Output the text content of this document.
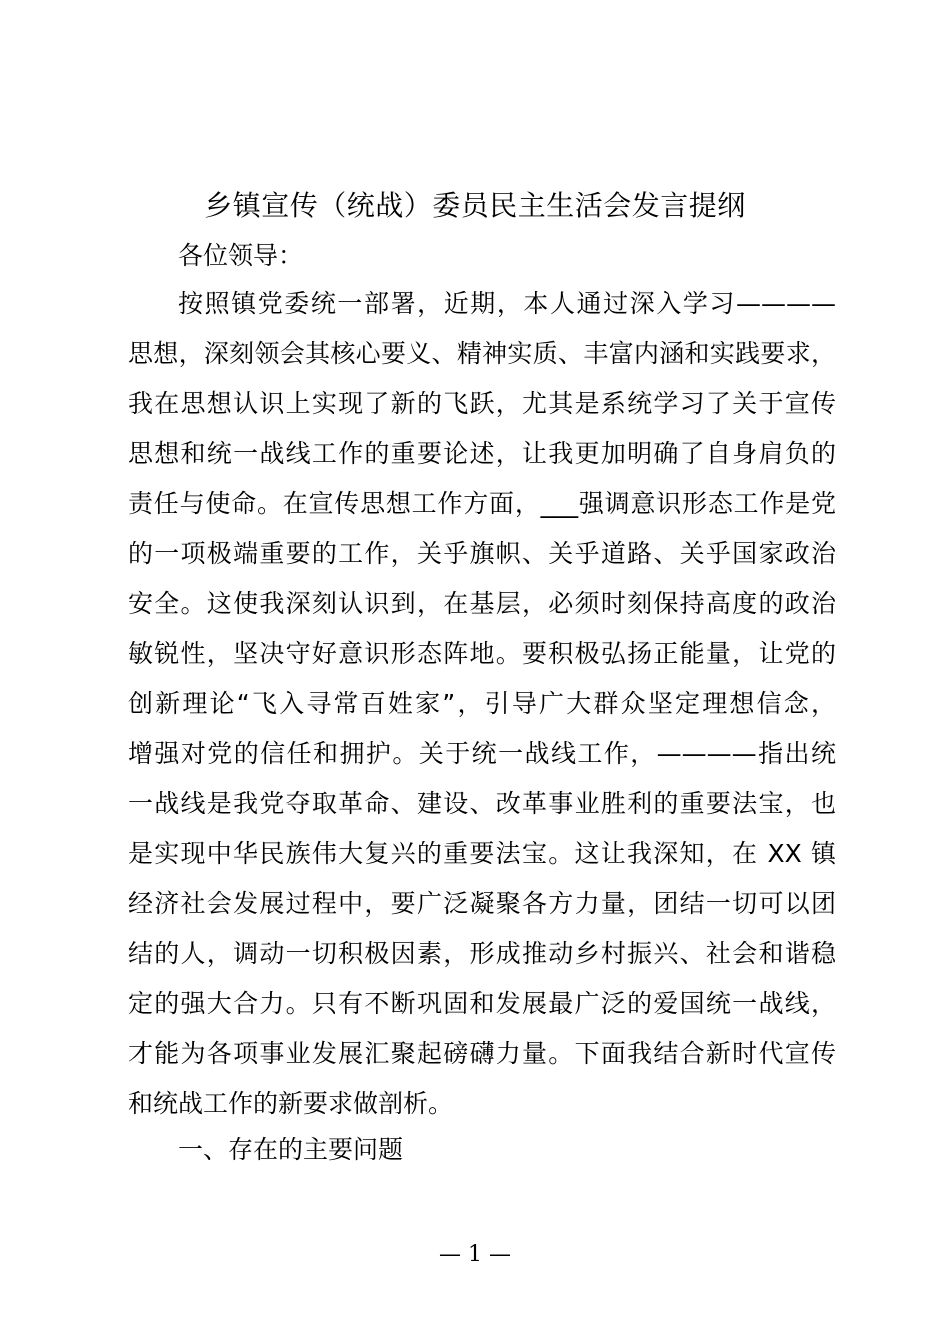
乡镇宣传（统战）委员民主生活会发言提纲
各位领导：
按照镇党委统一部署，近期，本人通过深入学习————
思想，深刻领会其核心要义、精神实质、丰富内涵和实践要求，
我在思想认识上实现了新的飞跃，尤其是系统学习了关于宣传
思想和统一战线工作的重要论述，让我更加明确了自身肩负的
责任与使命。在宣传思想工作方面，___强调意识形态工作是党
的一项极端重要的工作，关乎旗帜、关乎道路、关乎国家政治
安全。这使我深刻认识到，在基层，必须时刻保持高度的政治
敏锐性，坚决守好意识形态阵地。要积极弘扬正能量，让党的
创新理论“飞入寻常百姓家”，引导广大群众坚定理想信念，
增强对党的信任和拥护。关于统一战线工作，————指出统
一战线是我党夺取革命、建设、改革事业胜利的重要法宝，也
是实现中华民族伟大复兴的重要法宝。这让我深知，在 XX 镇
经济社会发展过程中，要广泛凝聚各方力量，团结一切可以团
结的人，调动一切积极因素，形成推动乡村振兴、社会和谐稳
定的强大合力。只有不断巩固和发展最广泛的爱国统一战线，
才能为各项事业发展汇聚起磅礴力量。下面我结合新时代宣传
和统战工作的新要求做剖析。
一、存在的主要问题
— 1 —
